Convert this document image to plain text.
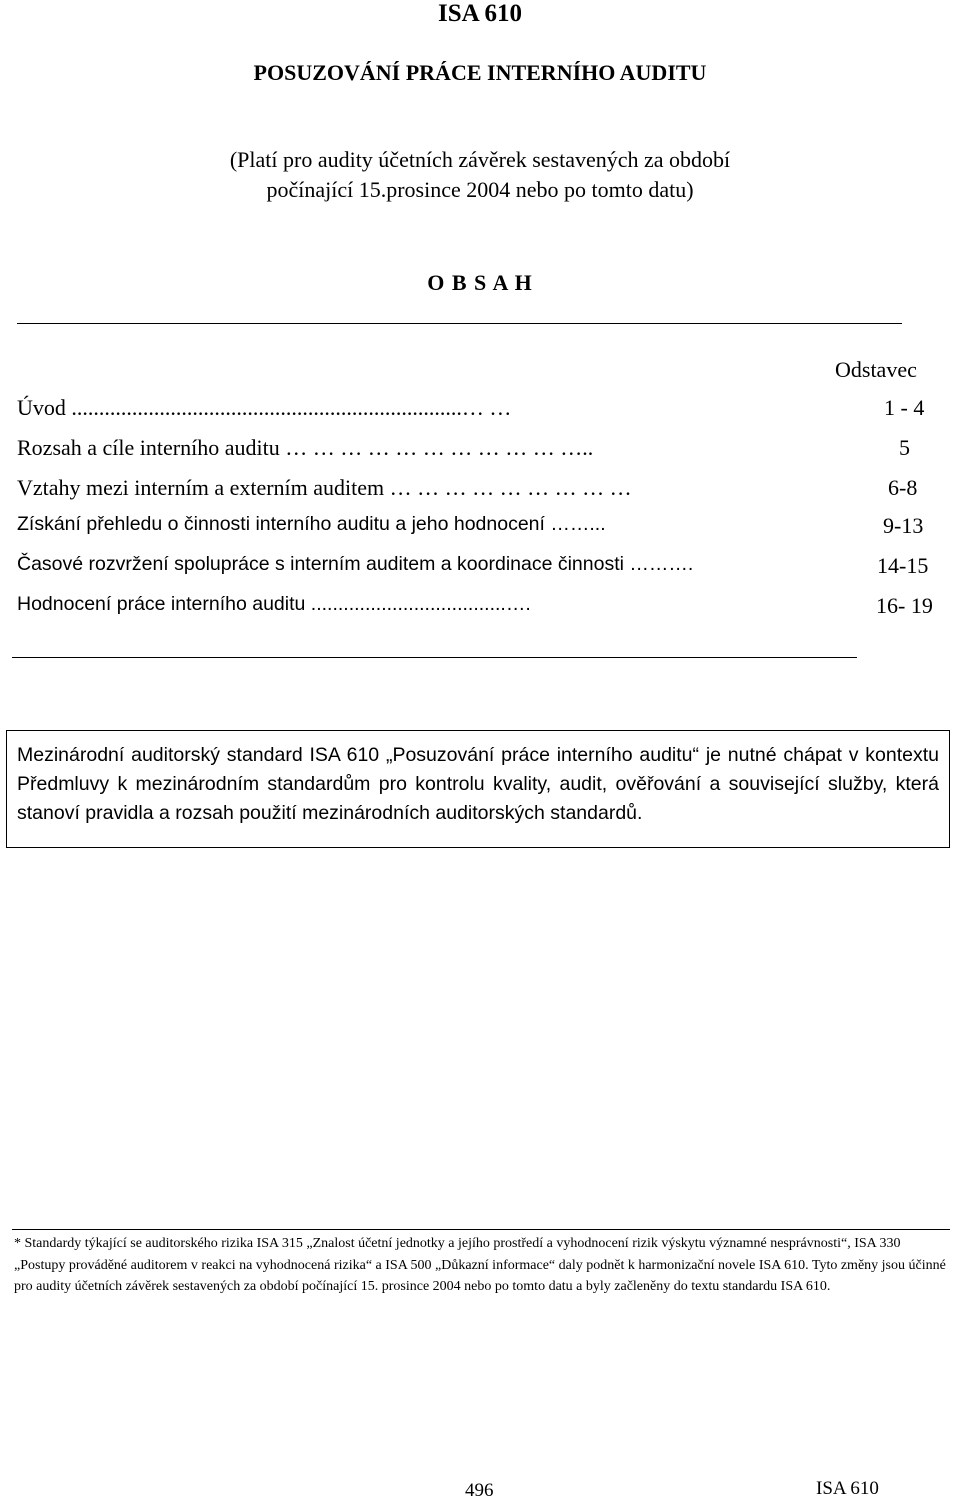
ISA 610
POSUZOVÁNÍ PRÁCE INTERNÍHO AUDITU
(Platí pro audity účetních závěrek sestavených za období
počínající 15.prosince 2004 nebo po tomto datu)
O B S A H
Odstavec
Úvod .......................................................................… …	1 - 4
Rozsah a cíle interního auditu … … … … … … … … … … …..	5
Vztahy mezi interním a externím auditem … … … … … … … … …	6-8
Získání přehledu o činnosti interního auditu a jeho hodnocení ……...	9-13
Časové rozvržení spolupráce s interním auditem a koordinace činnosti ……….	14-15
Hodnocení práce interního auditu ....................................….	16- 19
Mezinárodní auditorský standard ISA 610 „Posuzování práce interního auditu“ je nutné chápat v kontextu Předmluvy k mezinárodním standardům pro kontrolu kvality, audit, ověřování a související služby, která stanoví pravidla a rozsah použití mezinárodních auditorských standardů.
* Standardy týkající se auditorského rizika ISA 315 „Znalost účetní jednotky a jejího prostředí a vyhodnocení rizik výskytu významné nesprávnosti“, ISA 330 „Postupy prováděné auditorem v reakci na vyhodnocená rizika“ a ISA 500 „Důkazní informace“ daly podnět k harmonizační novele ISA 610. Tyto změny jsou účinné pro audity účetních závěrek sestavených za období počínající 15. prosince 2004 nebo po tomto datu a byly začleněny do textu standardu ISA 610.
496	ISA 610
